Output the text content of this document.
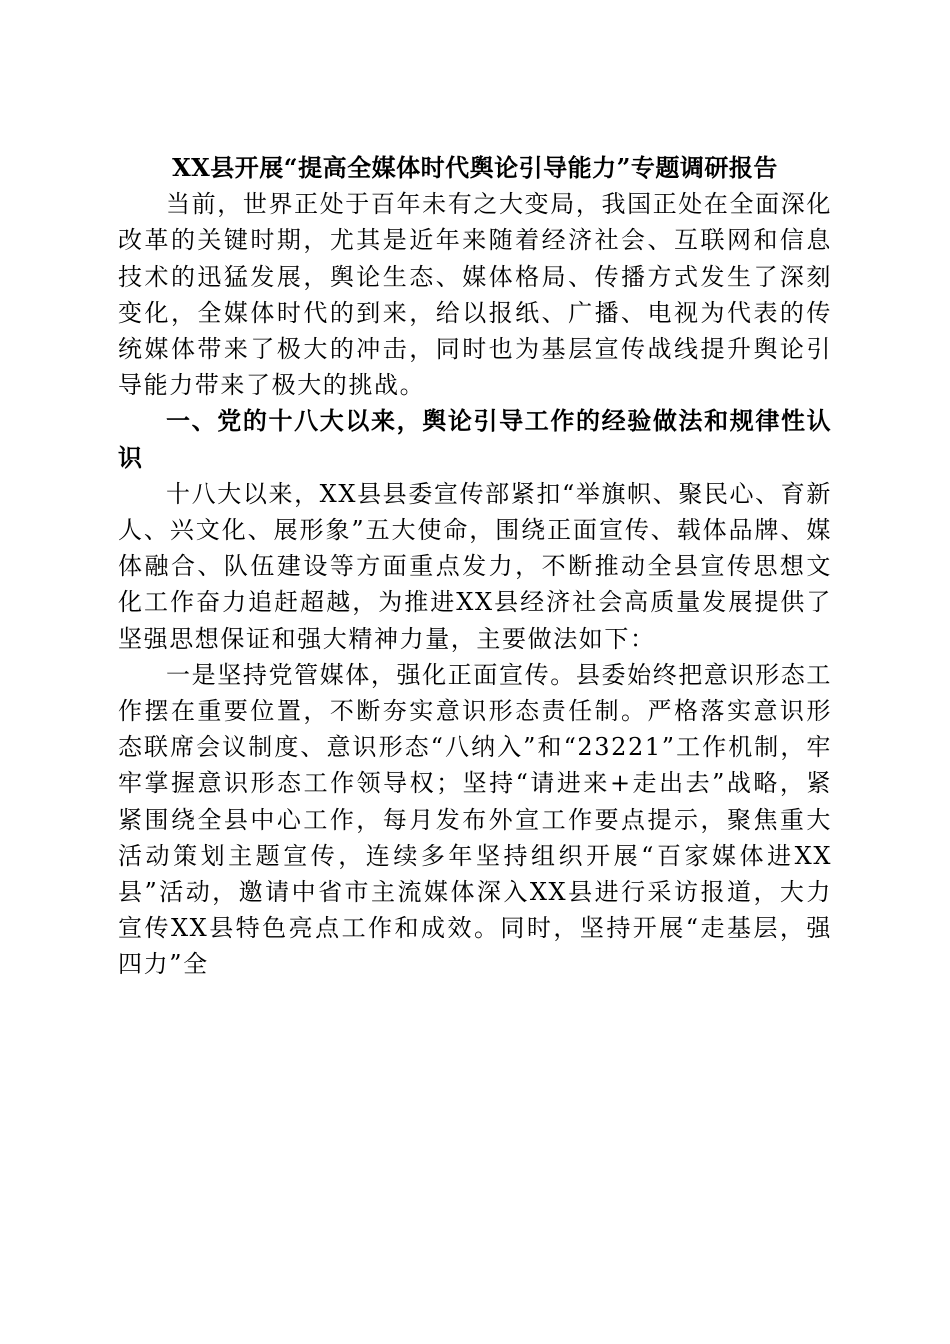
XX县开展“提高全媒体时代舆论引导能力”专题调研报告

当前，世界正处于百年未有之大变局，我国正处在全面深化改革的关键时期，尤其是近年来随着经济社会、互联网和信息技术的迅猛发展，舆论生态、媒体格局、传播方式发生了深刻变化，全媒体时代的到来，给以报纸、广播、电视为代表的传统媒体带来了极大的冲击，同时也为基层宣传战线提升舆论引导能力带来了极大的挑战。

一、党的十八大以来，舆论引导工作的经验做法和规律性认识

十八大以来，XX县县委宣传部紧扣“举旗帜、聚民心、育新人、兴文化、展形象”五大使命，围绕正面宣传、载体品牌、媒体融合、队伍建设等方面重点发力，不断推动全县宣传思想文化工作奋力追赶超越，为推进XX县经济社会高质量发展提供了坚强思想保证和强大精神力量，主要做法如下：

一是坚持党管媒体，强化正面宣传。县委始终把意识形态工作摆在重要位置，不断夯实意识形态责任制。严格落实意识形态联席会议制度、意识形态“八纳入”和“23221”工作机制，牢牢掌握意识形态工作领导权；坚持“请进来+走出去”战略，紧紧围绕全县中心工作，每月发布外宣工作要点提示，聚焦重大活动策划主题宣传，连续多年坚持组织开展“百家媒体进XX县”活动，邀请中省市主流媒体深入XX县进行采访报道，大力宣传XX县特色亮点工作和成效。同时，坚持开展“走基层，强四力”全
